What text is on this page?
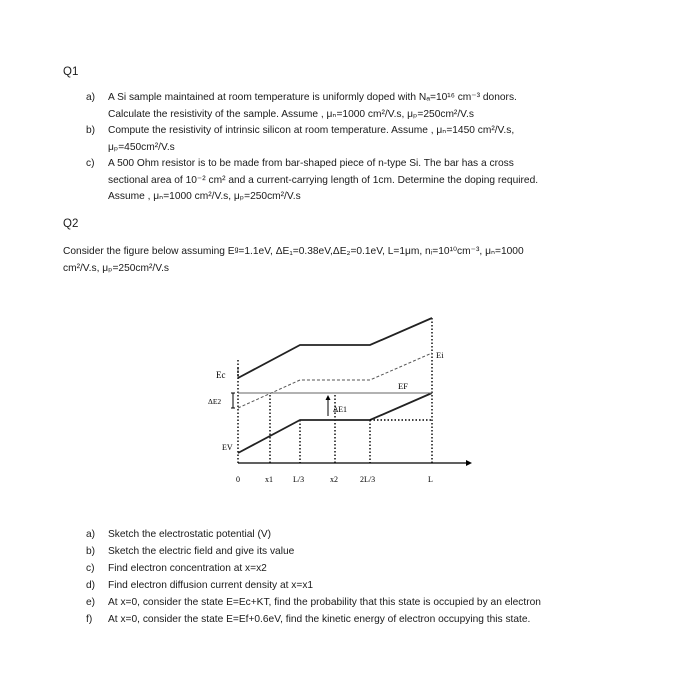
Q1
a) A Si sample maintained at room temperature is uniformly doped with Nₐ=10¹⁶ cm⁻³ donors.
Calculate the resistivity of the sample. Assume , μₙ=1000 cm²/V.s, μₚ=250cm²/V.s
b) Compute the resistivity of intrinsic silicon at room temperature. Assume , μₙ=1450 cm²/V.s,
μₚ=450cm²/V.s
c) A 500 Ohm resistor is to be made from bar-shaped piece of n-type Si. The bar has a cross
sectional area of 10⁻² cm² and a current-carrying length of 1cm. Determine the doping required.
Assume , μₙ=1000 cm²/V.s, μₚ=250cm²/V.s
Q2
Consider the figure below assuming Eᵍ=1.1eV, ΔE₁=0.38eV,ΔE₂=0.1eV, L=1μm, nᵢ=10¹⁰cm⁻³, μₙ=1000
cm²/V.s, μₚ=250cm²/V.s
Ec
ΔE2
EV
ΔE1
EF
Ei
0	x1	L/3	x2	2L/3	L
a) Sketch the electrostatic potential (V)
b) Sketch the electric field and give its value
c) Find electron concentration at x=x2
d) Find electron diffusion current density at x=x1
e) At x=0, consider the state E=Ec+KT, find the probability that this state is occupied by an electron
f) At x=0, consider the state E=Ef+0.6eV, find the kinetic energy of electron occupying this state.
